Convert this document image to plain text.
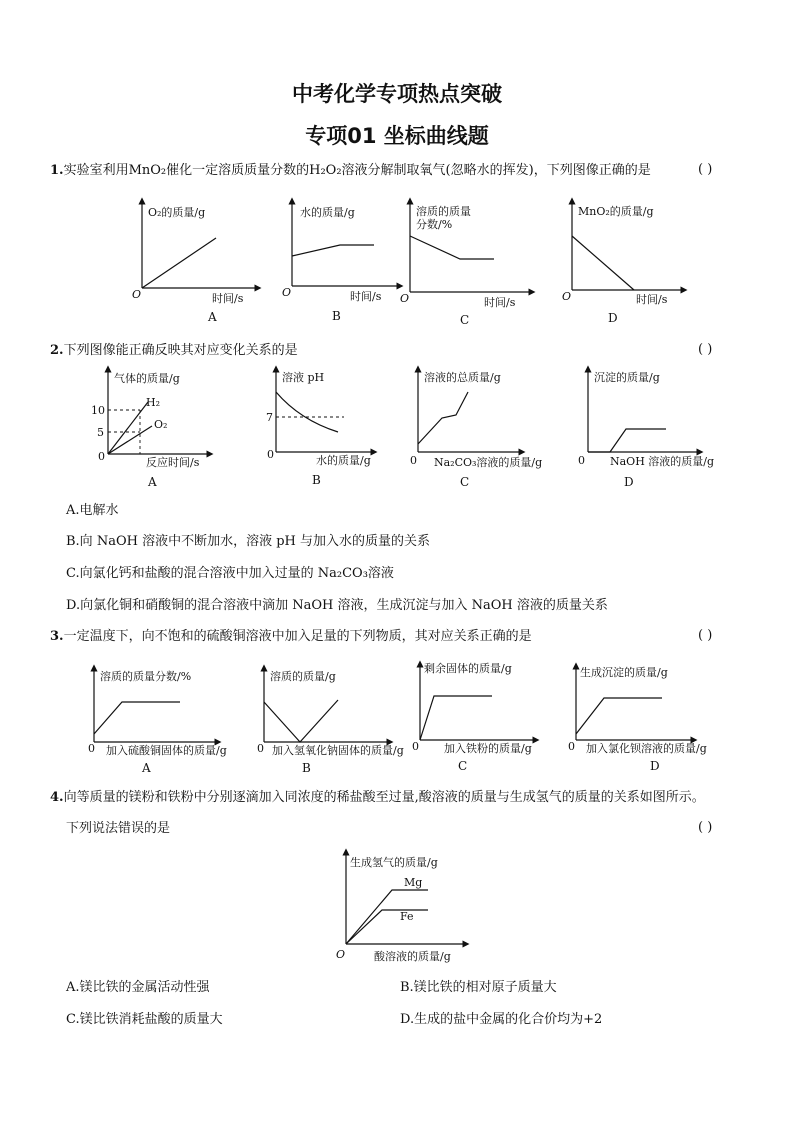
中考化学专项热点突破
专项01 坐标曲线题
1.实验室利用MnO₂催化一定溶质质量分数的H₂O₂溶液分解制取氧气(忽略水的挥发)，下列图像正确的是	( )
O₂的质量/g
时间/s
O
A
水的质量/g
时间/s
O
B
溶质的质量
分数/%
时间/s
O
C
MnO₂的质量/g
时间/s
O
D
2.下列图像能正确反映其对应变化关系的是	( )
气体的质量/g
反应时间/s
0
10
5
H₂
O₂
A
溶液 pH
水的质量/g
0
7
B
溶液的总质量/g
Na₂CO₃溶液的质量/g
0
C
沉淀的质量/g
NaOH 溶液的质量/g
0
D
A.电解水
B.向 NaOH 溶液中不断加水，溶液 pH 与加入水的质量的关系
C.向氯化钙和盐酸的混合溶液中加入过量的 Na₂CO₃溶液
D.向氯化铜和硝酸铜的混合溶液中滴加 NaOH 溶液，生成沉淀与加入 NaOH 溶液的质量关系
3.一定温度下，向不饱和的硫酸铜溶液中加入足量的下列物质，其对应关系正确的是	( )
溶质的质量分数/%
加入硫酸铜固体的质量/g
0
A
溶质的质量/g
加入氢氧化钠固体的质量/g
0
B
剩余固体的质量/g
加入铁粉的质量/g
0
C
生成沉淀的质量/g
加入氯化钡溶液的质量/g
0
D
4.向等质量的镁粉和铁粉中分别逐滴加入同浓度的稀盐酸至过量,酸溶液的质量与生成氢气的质量的关系如图所示。
下列说法错误的是	( )
生成氢气的质量/g
酸溶液的质量/g
O
Mg
Fe
A.镁比铁的金属活动性强	B.镁比铁的相对原子质量大
C.镁比铁消耗盐酸的质量大	D.生成的盐中金属的化合价均为+2
